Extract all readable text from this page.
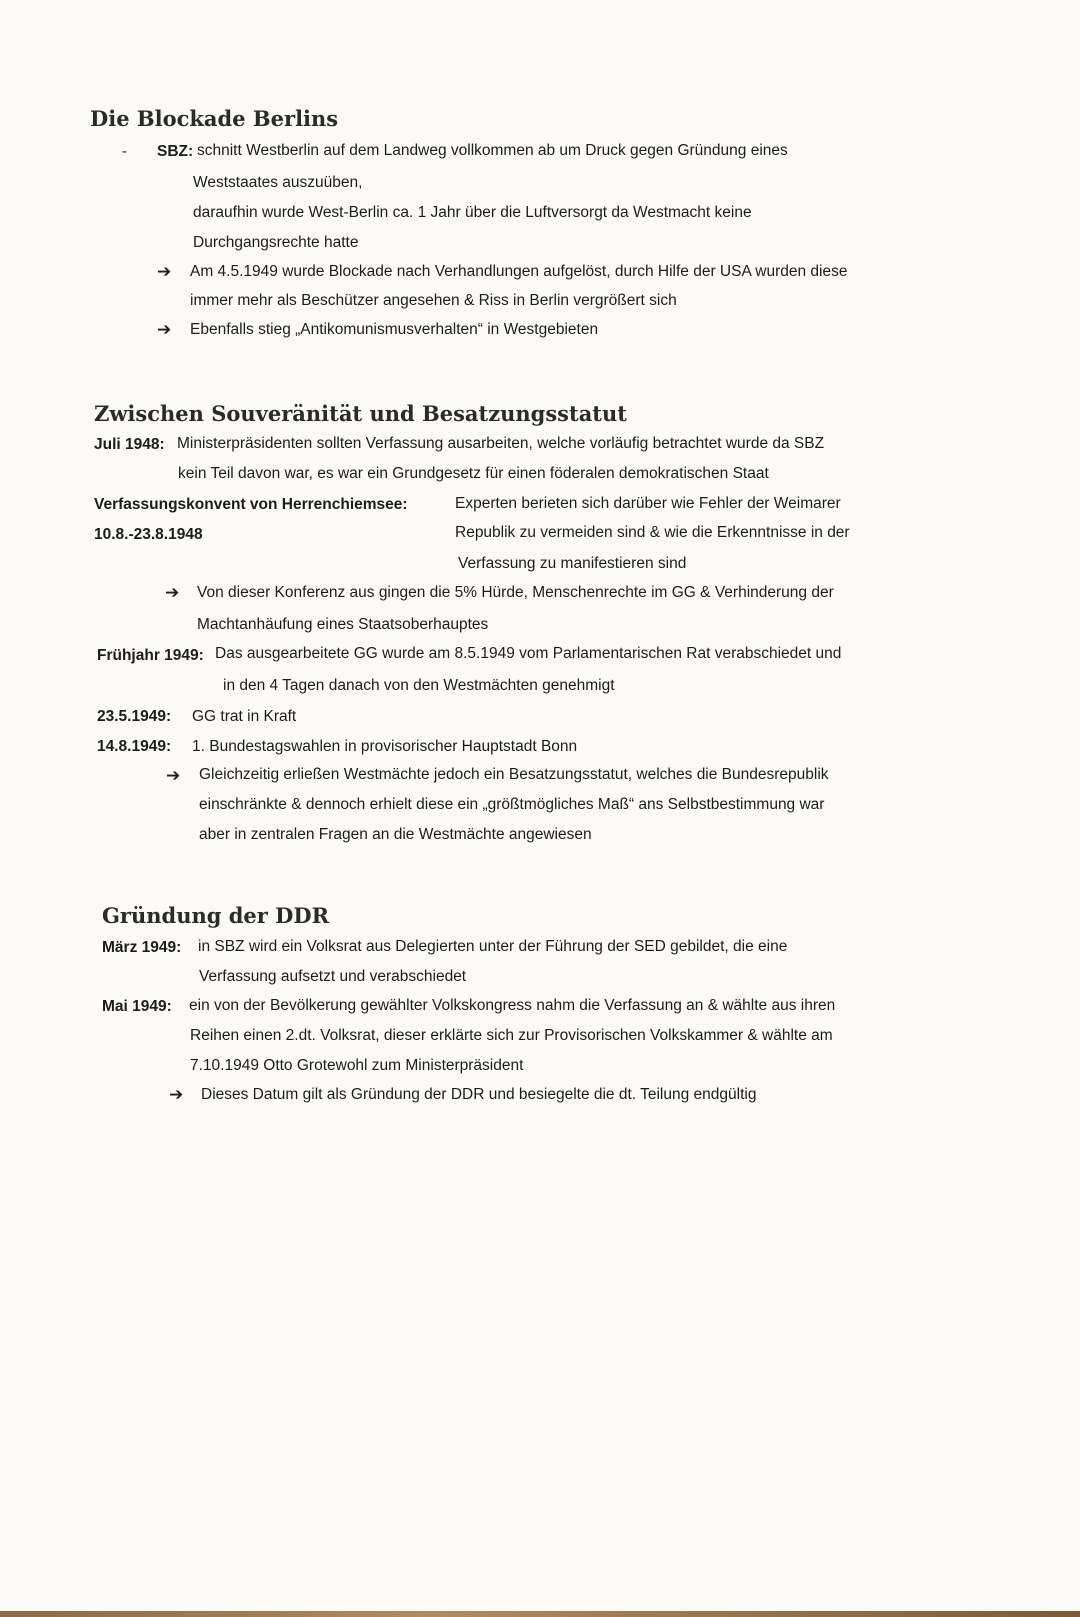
Die Blockade Berlins
- SBZ: schnitt Westberlin auf dem Landweg vollkommen ab um Druck gegen Gründung eines
Weststaates auszuüben,
daraufhin wurde West-Berlin ca. 1 Jahr über die Luftversorgt da Westmacht keine
Durchgangsrechte hatte
➔ Am 4.5.1949 wurde Blockade nach Verhandlungen aufgelöst, durch Hilfe der USA wurden diese
immer mehr als Beschützer angesehen & Riss in Berlin vergrößert sich
➔ Ebenfalls stieg „Antikomunismusverhalten“ in Westgebieten
Zwischen Souveränität und Besatzungsstatut
Juli 1948: Ministerpräsidenten sollten Verfassung ausarbeiten, welche vorläufig betrachtet wurde da SBZ
kein Teil davon war, es war ein Grundgesetz für einen föderalen demokratischen Staat
Verfassungskonvent von Herrenchiemsee:	Experten berieten sich darüber wie Fehler der Weimarer
10.8.-23.8.1948	Republik zu vermeiden sind & wie die Erkenntnisse in der
Verfassung zu manifestieren sind
➔ Von dieser Konferenz aus gingen die 5% Hürde, Menschenrechte im GG & Verhinderung der
Machtanhäufung eines Staatsoberhauptes
Frühjahr 1949: Das ausgearbeitete GG wurde am 8.5.1949 vom Parlamentarischen Rat verabschiedet und
in den 4 Tagen danach von den Westmächten genehmigt
23.5.1949: GG trat in Kraft
14.8.1949: 1. Bundestagswahlen in provisorischer Hauptstadt Bonn
➔ Gleichzeitig erließen Westmächte jedoch ein Besatzungsstatut, welches die Bundesrepublik
einschränkte & dennoch erhielt diese ein „größtmögliches Maß“ ans Selbstbestimmung war
aber in zentralen Fragen an die Westmächte angewiesen
Gründung der DDR
März 1949: in SBZ wird ein Volksrat aus Delegierten unter der Führung der SED gebildet, die eine
Verfassung aufsetzt und verabschiedet
Mai 1949: ein von der Bevölkerung gewählter Volkskongress nahm die Verfassung an & wählte aus ihren
Reihen einen 2.dt. Volksrat, dieser erklärte sich zur Provisorischen Volkskammer & wählte am
7.10.1949 Otto Grotewohl zum Ministerpräsident
➔ Dieses Datum gilt als Gründung der DDR und besiegelte die dt. Teilung endgültig
